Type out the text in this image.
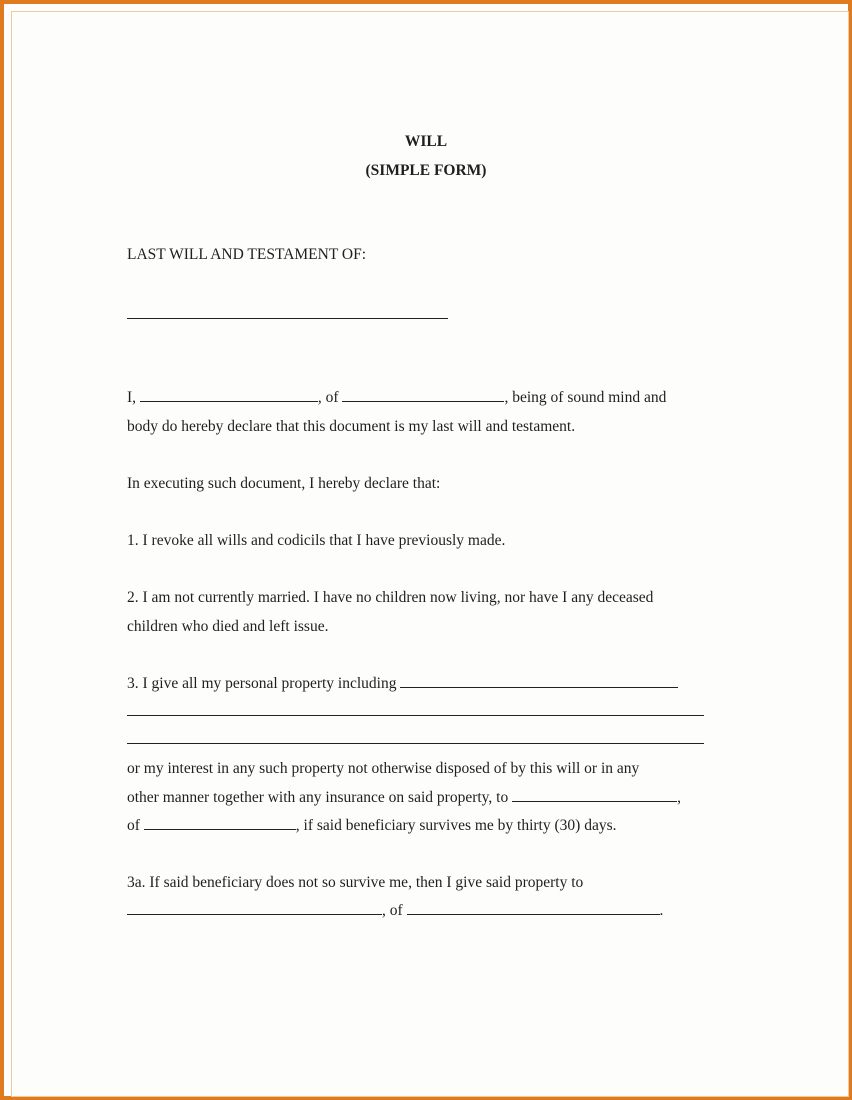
WILL
(SIMPLE FORM)
LAST WILL AND TESTAMENT OF:
I,	, of	, being of sound mind and
body do hereby declare that this document is my last will and testament.
In executing such document, I hereby declare that:
1. I revoke all wills and codicils that I have previously made.
2. I am not currently married. I have no children now living, nor have I any deceased
children who died and left issue.
3. I give all my personal property including
or my interest in any such property not otherwise disposed of by this will or in any
other manner together with any insurance on said property, to	,
of	, if said beneficiary survives me by thirty (30) days.
3a. If said beneficiary does not so survive me, then I give said property to
, of	.
